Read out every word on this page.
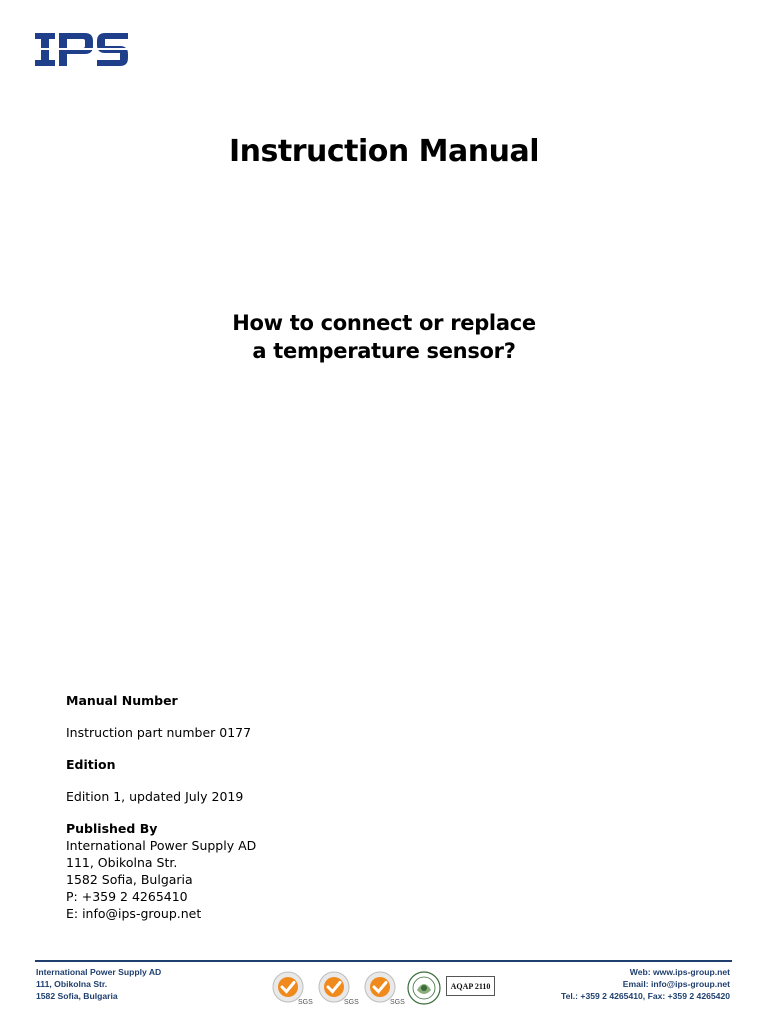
Instruction Manual
How to connect or replace
a temperature sensor?
Manual Number
Instruction part number 0177
Edition
Edition 1, updated July 2019
Published By
International Power Supply AD
111, Obikolna Str.
1582 Sofia, Bulgaria
P: +359 2 4265410
E: info@ips-group.net
International Power Supply AD
111, Obikolna Str.
1582 Sofia, Bulgaria
SGS	SGS	SGS
AQAP 2110
Web: www.ips-group.net
Email: info@ips-group.net
Tel.: +359 2 4265410, Fax: +359 2 4265420
